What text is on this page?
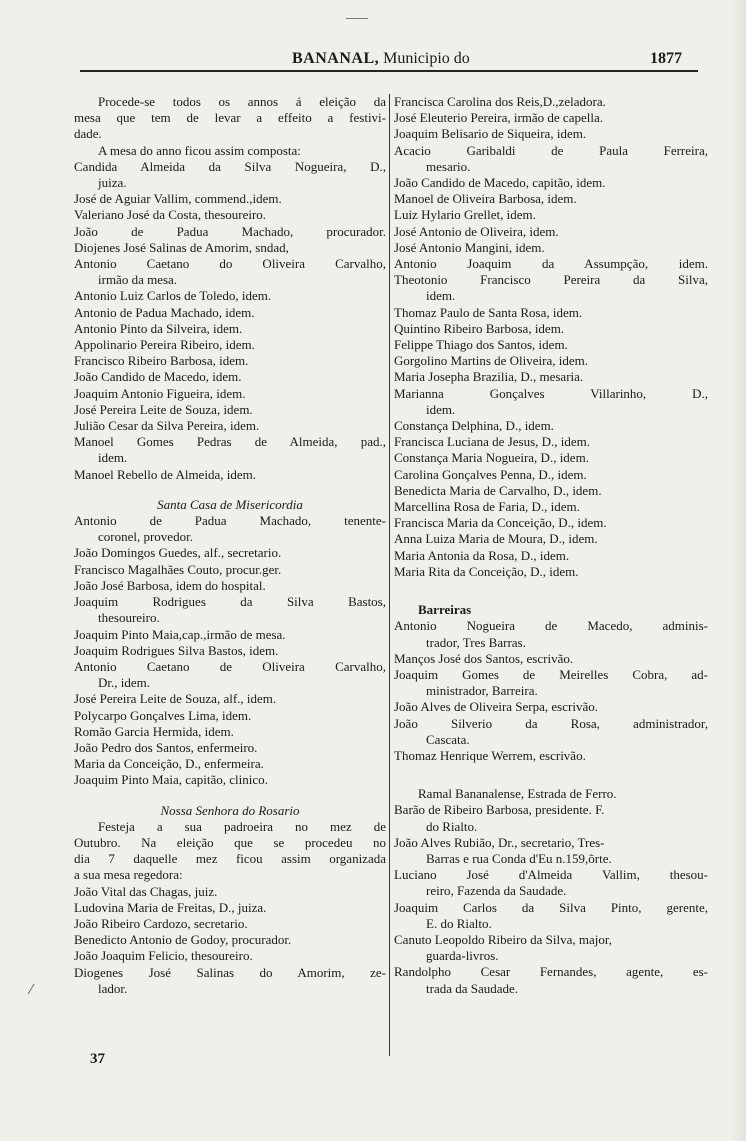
BANANAL, Municipio do	1877
Procede-se todos os annos á eleição da
mesa que tem de levar a effeito a festivi-
dade.
A mesa do anno ficou assim composta:
Candida Almeida da Silva Nogueira, D.,
juiza.
José de Aguiar Vallim, commend.,idem.
Valeriano José da Costa, thesoureiro.
João de Padua Machado, procurador.
Diojenes José Salinas de Amorim, sndad,
Antonio Caetano do Oliveira Carvalho,
irmão da mesa.
Antonio Luiz Carlos de Toledo, idem.
Antonio de Padua Machado, idem.
Antonio Pinto da Silveira, idem.
Appolinario Pereira Ribeiro, idem.
Francisco Ribeiro Barbosa, idem.
João Candido de Macedo, idem.
Joaquim Antonio Figueira, idem.
José Pereira Leite de Souza, idem.
Julião Cesar da Silva Pereira, idem.
Manoel Gomes Pedras de Almeida, pad.,
idem.
Manoel Rebello de Almeida, idem.
Santa Casa de Misericordia
Antonio de Padua Machado, tenente-
coronel, provedor.
João Domingos Guedes, alf., secretario.
Francisco Magalhães Couto, procur.ger.
João José Barbosa, idem do hospital.
Joaquim Rodrigues da Silva Bastos,
thesoureiro.
Joaquim Pinto Maia,cap.,irmão de mesa.
Joaquim Rodrigues Silva Bastos, idem.
Antonio Caetano de Oliveira Carvalho,
Dr., idem.
José Pereira Leite de Souza, alf., idem.
Polycarpo Gonçalves Lima, idem.
Romão Garcia Hermida, idem.
João Pedro dos Santos, enfermeiro.
Maria da Conceição, D., enfermeira.
Joaquim Pinto Maia, capitão, clinico.
Nossa Senhora do Rosario
Festeja a sua padroeira no mez de
Outubro. Na eleição que se procedeu no
dia 7 daquelle mez ficou assim organizada
a sua mesa regedora:
João Vital das Chagas, juiz.
Ludovina Maria de Freitas, D., juiza.
João Ribeiro Cardozo, secretario.
Benedicto Antonio de Godoy, procurador.
João Joaquim Felicio, thesoureiro.
Diogenes José Salinas do Amorim, ze-
lador.
Francisca Carolina dos Reis,D.,zeladora.
José Eleuterio Pereira, irmão de capella.
Joaquim Belisario de Siqueira, idem.
Acacio Garibaldi de Paula Ferreira,
mesario.
João Candido de Macedo, capitão, idem.
Manoel de Oliveira Barbosa, idem.
Luiz Hylario Grellet, idem.
José Antonio de Oliveira, idem.
José Antonio Mangini, idem.
Antonio Joaquim da Assumpção, idem.
Theotonio Francisco Pereira da Silva,
idem.
Thomaz Paulo de Santa Rosa, idem.
Quintino Ribeiro Barbosa, idem.
Felippe Thiago dos Santos, idem.
Gorgolino Martins de Oliveira, idem.
Maria Josepha Brazilia, D., mesaria.
Marianna Gonçalves Villarinho, D.,
idem.
Constança Delphina, D., idem.
Francisca Luciana de Jesus, D., idem.
Constança Maria Nogueira, D., idem.
Carolina Gonçalves Penna, D., idem.
Benedicta Maria de Carvalho, D., idem.
Marcellina Rosa de Faria, D., idem.
Francisca Maria da Conceição, D., idem.
Anna Luiza Maria de Moura, D., idem.
Maria Antonia da Rosa, D., idem.
Maria Rita da Conceição, D., idem.
Barreiras
Antonio Nogueira de Macedo, adminis-
trador, Tres Barras.
Manços José dos Santos, escrivão.
Joaquim Gomes de Meirelles Cobra, ad-
ministrador, Barreira.
João Alves de Oliveira Serpa, escrivão.
João Silverio da Rosa, administrador,
Cascata.
Thomaz Henrique Werrem, escrivão.
Ramal Bananalense, Estrada de Ferro.
Barão de Ribeiro Barbosa, presidente. F.
do Rialto.
João Alves Rubião, Dr., secretario, Tres-
Barras e rua Conda d'Eu n.159,õrte.
Luciano José d'Almeida Vallim, thesou-
reiro, Fazenda da Saudade.
Joaquim Carlos da Silva Pinto, gerente,
E. do Rialto.
Canuto Leopoldo Ribeiro da Silva, major,
guarda-livros.
Randolpho Cesar Fernandes, agente, es-
trada da Saudade.
37
⁄
